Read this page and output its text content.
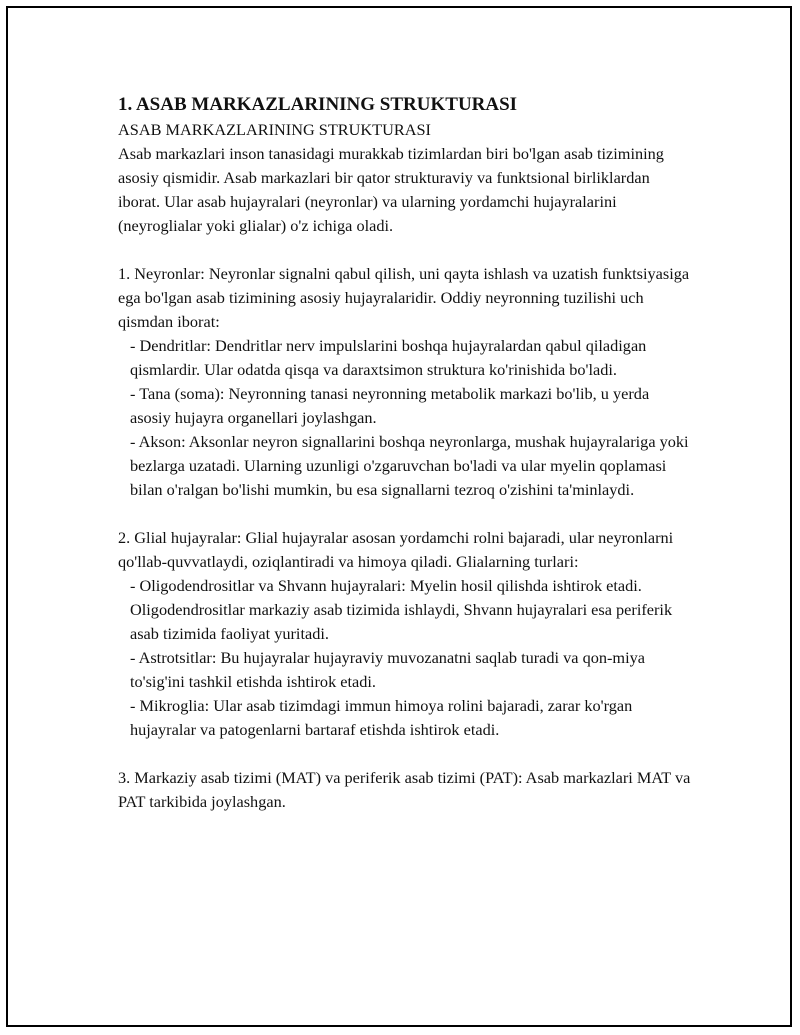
1. ASAB MARKAZLARINING STRUKTURASI

ASAB MARKAZLARINING STRUKTURASI

Asab markazlari inson tanasidagi murakkab tizimlardan biri bo'lgan asab tizimining asosiy qismidir. Asab markazlari bir qator strukturaviy va funktsional birliklardan iborat. Ular asab hujayralari (neyronlar) va ularning yordamchi hujayralarini (neyroglialar yoki glialar) o'z ichiga oladi.

1. Neyronlar: Neyronlar signalni qabul qilish, uni qayta ishlash va uzatish funktsiyasiga ega bo'lgan asab tizimining asosiy hujayralaridir. Oddiy neyronning tuzilishi uch qismdan iborat:

- Dendritlar: Dendritlar nerv impulslarini boshqa hujayralardan qabul qiladigan qismlardir. Ular odatda qisqa va daraxtsimon struktura ko'rinishida bo'ladi.

- Tana (soma): Neyronning tanasi neyronning metabolik markazi bo'lib, u yerda asosiy hujayra organellari joylashgan.

- Akson: Aksonlar neyron signallarini boshqa neyronlarga, mushak hujayralariga yoki bezlarga uzatadi. Ularning uzunligi o'zgaruvchan bo'ladi va ular myelin qoplamasi bilan o'ralgan bo'lishi mumkin, bu esa signallarni tezroq o'zishini ta'minlaydi.

2. Glial hujayralar: Glial hujayralar asosan yordamchi rolni bajaradi, ular neyronlarni qo'llab-quvvatlaydi, oziqlantiradi va himoya qiladi. Glialarning turlari:

- Oligodendrositlar va Shvann hujayralari: Myelin hosil qilishda ishtirok etadi. Oligodendrositlar markaziy asab tizimida ishlaydi, Shvann hujayralari esa periferik asab tizimida faoliyat yuritadi.

- Astrotsitlar: Bu hujayralar hujayraviy muvozanatni saqlab turadi va qon-miya to'sig'ini tashkil etishda ishtirok etadi.

- Mikroglia: Ular asab tizimdagi immun himoya rolini bajaradi, zarar ko'rgan hujayralar va patogenlarni bartaraf etishda ishtirok etadi.

3. Markaziy asab tizimi (MAT) va periferik asab tizimi (PAT): Asab markazlari MAT va PAT tarkibida joylashgan.
